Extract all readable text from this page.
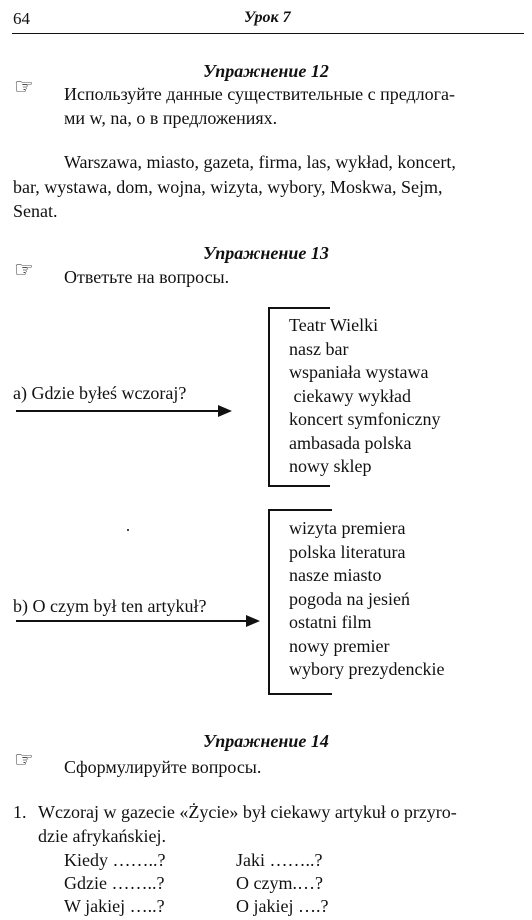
64	Урок 7
Упражнение 12
☞ Используйте данные существительные с предлога-
ми w, na, o в предложениях.
Warszawa, miasto, gazeta, firma, las, wykład, koncert,
bar, wystawa, dom, wojna, wizyta, wybory, Moskwa, Sejm,
Senat.
Упражнение 13
☞ Ответьте на вопросы.
a) Gdzie byłeś wczoraj?
Teatr Wielki
nasz bar
wspaniała wystawa
ciekawy wykład
koncert symfoniczny
ambasada polska
nowy sklep
b) O czym był ten artykuł?
wizyta premiera
polska literatura
nasze miasto
pogoda na jesień
ostatni film
nowy premier
wybory prezydenckie
Упражнение 14
☞ Сформулируйте вопросы.
1. Wczoraj w gazecie «Życie» był ciekawy artykuł o przyro-
dzie afrykańskiej.
Kiedy ……..?
Gdzie ……..?
W jakiej …..?
Jaki ……..?
O czym.…?
O jakiej ….?
